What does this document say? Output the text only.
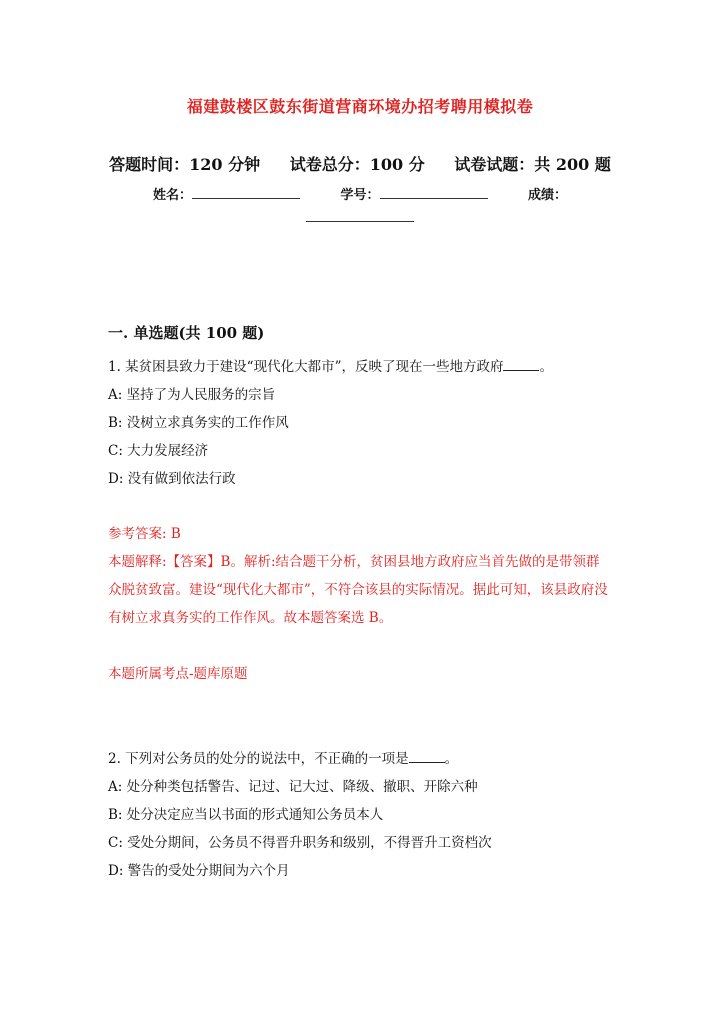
福建鼓楼区鼓东街道营商环境办招考聘用模拟卷
答题时间：120 分钟 试卷总分：100 分 试卷试题：共 200 题
姓名：	学号：	成绩：
一. 单选题(共 100 题)

1. 某贫困县致力于建设“现代化大都市”，反映了现在一些地方政府	。

A: 坚持了为人民服务的宗旨

B: 没树立求真务实的工作作风

C: 大力发展经济

D: 没有做到依法行政

参考答案: B

本题解释:【答案】B。解析:结合题干分析，贫困县地方政府应当首先做的是带领群众脱贫致富。建设“现代化大都市”，不符合该县的实际情况。据此可知，该县政府没有树立求真务实的工作作风。故本题答案选 B。

本题所属考点-题库原题

2. 下列对公务员的处分的说法中，不正确的一项是	。

A: 处分种类包括警告、记过、记大过、降级、撤职、开除六种

B: 处分决定应当以书面的形式通知公务员本人

C: 受处分期间，公务员不得晋升职务和级别，不得晋升工资档次

D: 警告的受处分期间为六个月
